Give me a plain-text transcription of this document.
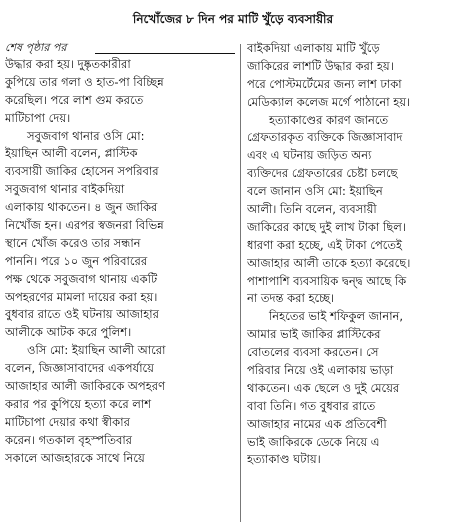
নিখোঁজের ৮ দিন পর মাটি খুঁড়ে ব্যবসায়ীর
শেষ পৃষ্ঠার পর
উদ্ধার করা হয়। দুষ্কৃতকারীরা
কুপিয়ে তার গলা ও হাত-পা বিচ্ছিন্ন
করেছিল। পরে লাশ গুম করতে
মাটিচাপা দেয়।
সবুজবাগ থানার ওসি মো:
ইয়াছিন আলী বলেন, প্লাস্টিক
ব্যবসায়ী জাকির হোসেন সপরিবার
সবুজবাগ থানার বাইকদিয়া
এলাকায় থাকতেন। ৪ জুন জাকির
নিখোঁজ হন। এরপর স্বজনরা বিভিন্ন
স্থানে খোঁজ করেও তার সন্ধান
পাননি। পরে ১০ জুন পরিবারের
পক্ষ থেকে সবুজবাগ থানায় একটি
অপহরণের মামলা দায়ের করা হয়।
বুধবার রাতে ওই ঘটনায় আজাহার
আলীকে আটক করে পুলিশ।
ওসি মো: ইয়াছিন আলী আরো
বলেন, জিজ্ঞাসাবাদের একপর্যায়ে
আজাহার আলী জাকিরকে অপহরণ
করার পর কুপিয়ে হত্যা করে লাশ
মাটিচাপা দেয়ার কথা স্বীকার
করেন। গতকাল বৃহস্পতিবার
সকালে আজহারকে সাথে নিয়ে
বাইকদিয়া এলাকায় মাটি খুঁড়ে
জাকিরের লাশটি উদ্ধার করা হয়।
পরে পোস্টমর্টেমের জন্য লাশ ঢাকা
মেডিক্যাল কলেজ মর্গে পাঠানো হয়।
হত্যাকাণ্ডের কারণ জানতে
গ্রেফতারকৃত ব্যক্তিকে জিজ্ঞাসাবাদ
এবং এ ঘটনায় জড়িত অন্য
ব্যক্তিদের গ্রেফতারের চেষ্টা চলছে
বলে জানান ওসি মো: ইয়াছিন
আলী। তিনি বলেন, ব্যবসায়ী
জাকিরের কাছে দুই লাখ টাকা ছিল।
ধারণা করা হচ্ছে, এই টাকা পেতেই
আজাহার আলী তাকে হত্যা করেছে।
পাশাপাশি ব্যবসায়িক দ্বন্দ্ব আছে কি
না তদন্ত করা হচ্ছে।
নিহতের ভাই শফিকুল জানান,
আমার ভাই জাকির প্লাস্টিকের
বোতলের ব্যবসা করতেন। সে
পরিবার নিয়ে ওই এলাকায় ভাড়া
থাকতেন। এক ছেলে ও দুই মেয়ের
বাবা তিনি। গত বুধবার রাতে
আজাহার নামের এক প্রতিবেশী
ভাই জাকিরকে ডেকে নিয়ে এ
হত্যাকাণ্ড ঘটায়।
